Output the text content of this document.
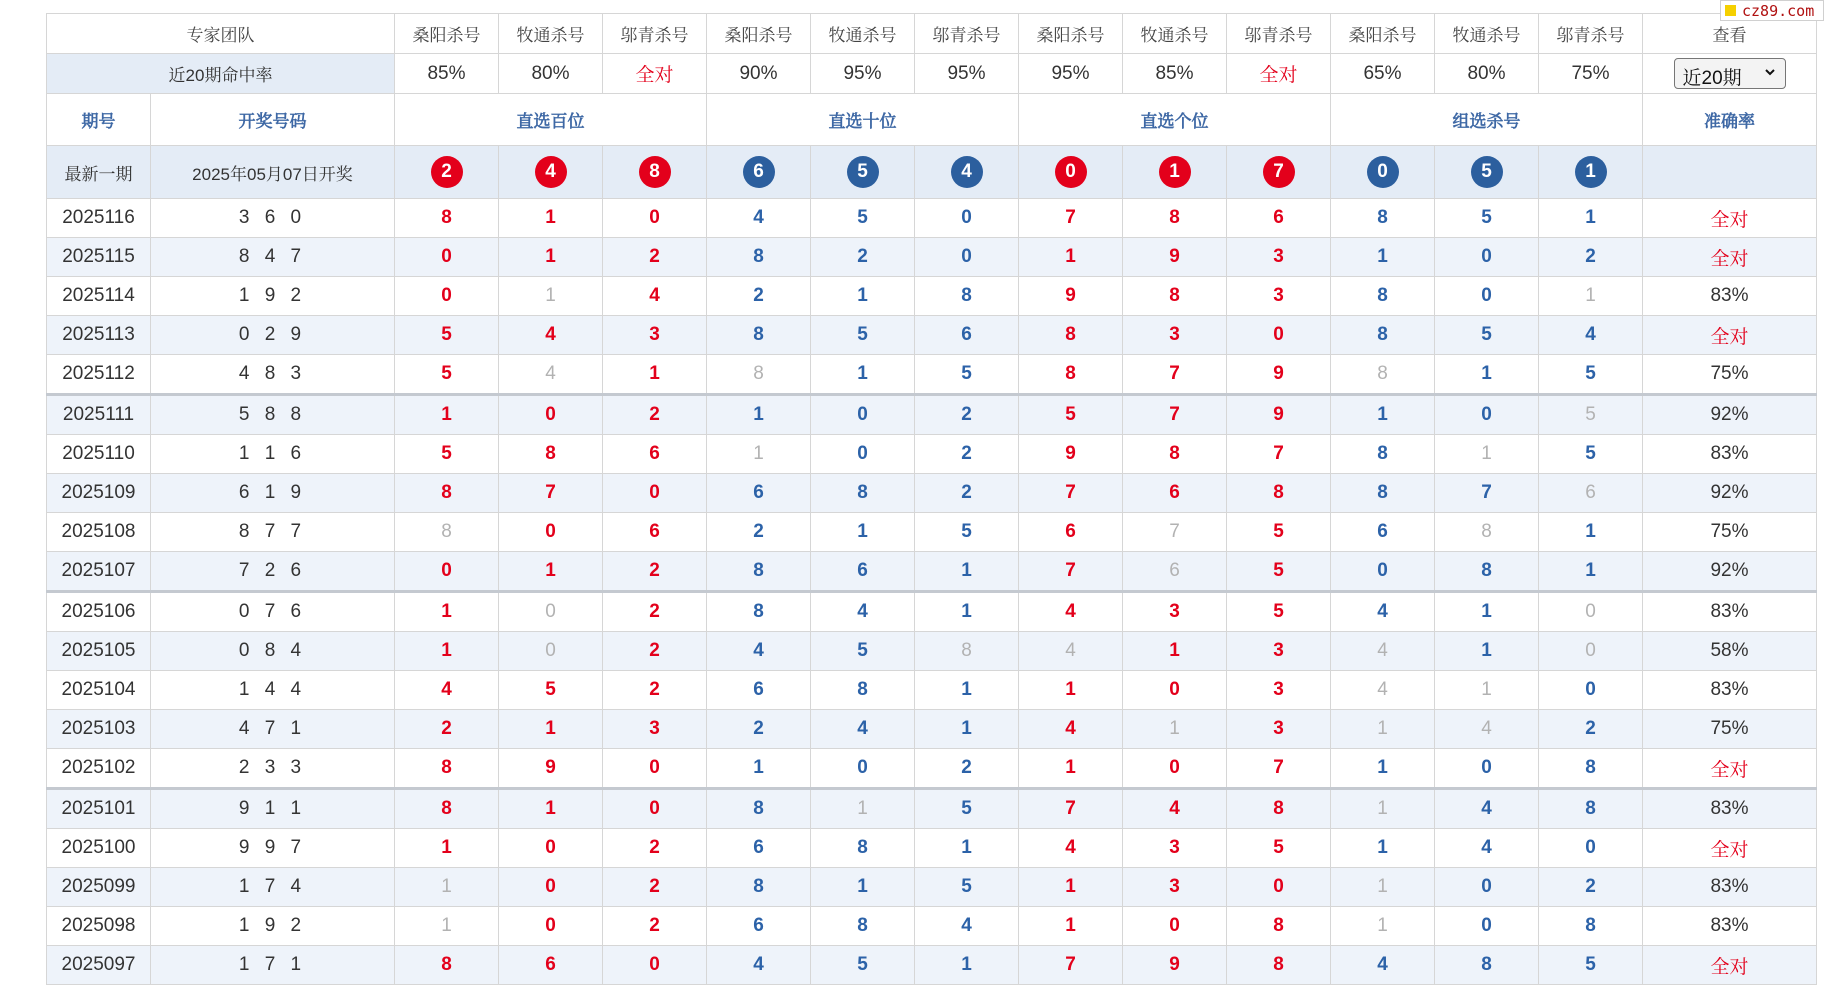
专家团队		桑阳杀号	牧通杀号	邬青杀号	桑阳杀号	牧通杀号	邬青杀号	桑阳杀号	牧通杀号	邬青杀号	桑阳杀号	牧通杀号	邬青杀号	查看
近20期命中率		85%	80%	全对	90%	95%	95%	95%	85%	全对	65%	80%	75%	近20期

期号	开奖号码	直选百位			直选十位			直选个位			组选杀号			准确率
最新一期	2025年05月07日开奖	2	4	8	6	5	4	0	1	7	0	5	1	
2025116	3 6 0	8	1	0	4	5	0	7	8	6	8	5	1	全对
2025115	8 4 7	0	1	2	8	2	0	1	9	3	1	0	2	全对
2025114	1 9 2	0	1	4	2	1	8	9	8	3	8	0	1	83%
2025113	0 2 9	5	4	3	8	5	6	8	3	0	8	5	4	全对
2025112	4 8 3	5	4	1	8	1	5	8	7	9	8	1	5	75%
2025111	5 8 8	1	0	2	1	0	2	5	7	9	1	0	5	92%
2025110	1 1 6	5	8	6	1	0	2	9	8	7	8	1	5	83%
2025109	6 1 9	8	7	0	6	8	2	7	6	8	8	7	6	92%
2025108	8 7 7	8	0	6	2	1	5	6	7	5	6	8	1	75%
2025107	7 2 6	0	1	2	8	6	1	7	6	5	0	8	1	92%
2025106	0 7 6	1	0	2	8	4	1	4	3	5	4	1	0	83%
2025105	0 8 4	1	0	2	4	5	8	4	1	3	4	1	0	58%
2025104	1 4 4	4	5	2	6	8	1	1	0	3	4	1	0	83%
2025103	4 7 1	2	1	3	2	4	1	4	1	3	1	4	2	75%
2025102	2 3 3	8	9	0	1	0	2	1	0	7	1	0	8	全对
2025101	9 1 1	8	1	0	8	1	5	7	4	8	1	4	8	83%
2025100	9 9 7	1	0	2	6	8	1	4	3	5	1	4	0	全对
2025099	1 7 4	1	0	2	8	1	5	1	3	0	1	0	2	83%
2025098	1 9 2	1	0	2	6	8	4	1	0	8	1	0	8	83%
2025097	1 7 1	8	6	0	4	5	1	7	9	8	4	8	5	全对
cz89.com
